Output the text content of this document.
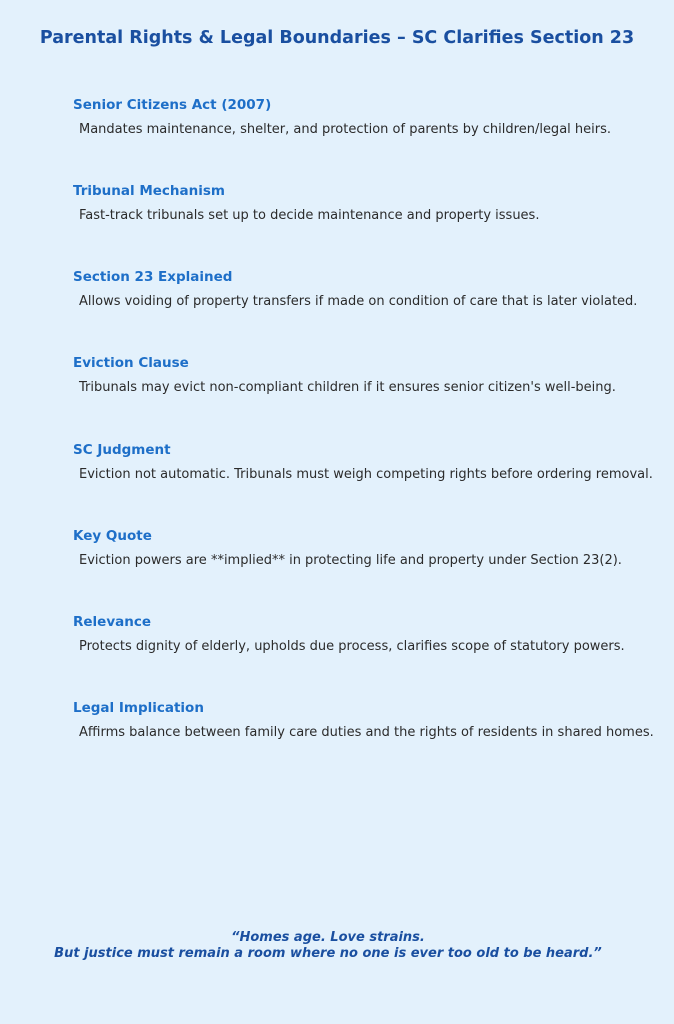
Parental Rights & Legal Boundaries – SC Clarifies Section 23
Senior Citizens Act (2007)
Mandates maintenance, shelter, and protection of parents by children/legal heirs.
Tribunal Mechanism
Fast-track tribunals set up to decide maintenance and property issues.
Section 23 Explained
Allows voiding of property transfers if made on condition of care that is later violated.
Eviction Clause
Tribunals may evict non-compliant children if it ensures senior citizen's well-being.
SC Judgment
Eviction not automatic. Tribunals must weigh competing rights before ordering removal.
Key Quote
Eviction powers are **implied** in protecting life and property under Section 23(2).
Relevance
Protects dignity of elderly, upholds due process, clarifies scope of statutory powers.
Legal Implication
Affirms balance between family care duties and the rights of residents in shared homes.
“Homes age. Love strains.
But justice must remain a room where no one is ever too old to be heard.”
